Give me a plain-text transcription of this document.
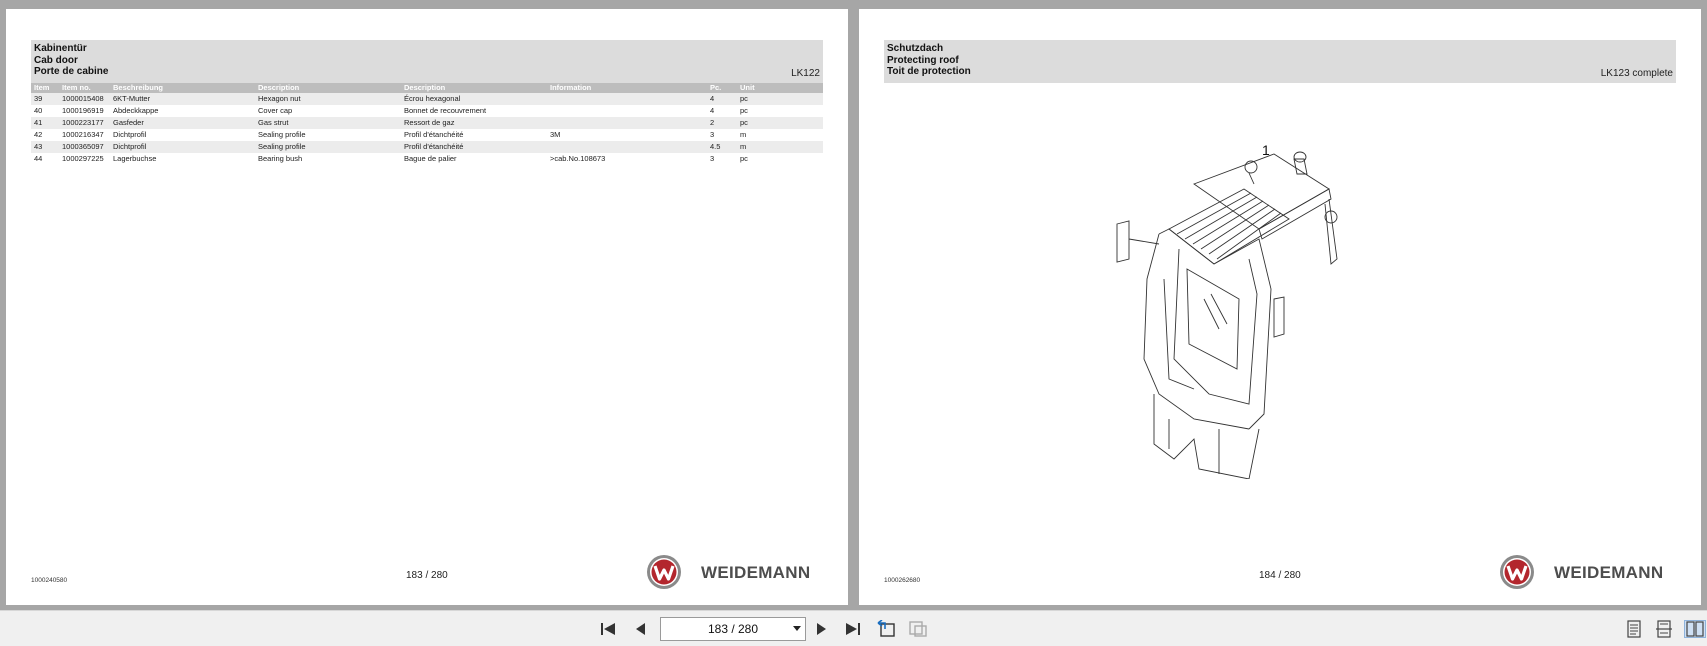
Kabinentür
Cab door
Porte de cabine	LK122
Item	Item no.	Beschreibung	Description	Description	Information	Pc.	Unit
39	1000015408	6KT-Mutter	Hexagon nut	Écrou hexagonal		4	pc
40	1000196919	Abdeckkappe	Cover cap	Bonnet de recouvrement		4	pc
41	1000223177	Gasfeder	Gas strut	Ressort de gaz		2	pc
42	1000216347	Dichtprofil	Sealing profile	Profil d'étanchéité	3M	3	m
43	1000365097	Dichtprofil	Sealing profile	Profil d'étanchéité		4.5	m
44	1000297225	Lagerbuchse	Bearing bush	Bague de palier	>cab.No.108673	3	pc
1000240580	183 / 280	WEIDEMANN
Schutzdach
Protecting roof
Toit de protection	LK123 complete
1
1000262680	184 / 280	WEIDEMANN
183 / 280
